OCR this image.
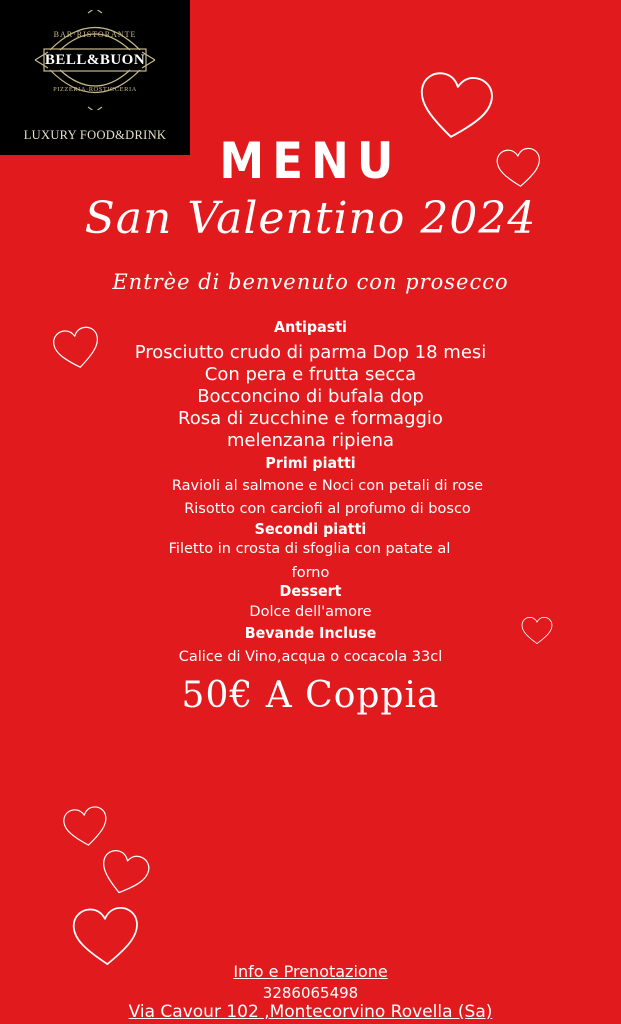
BAR·RISTORANTE
BELL&BUON
PIZZERIA·ROSTICCERIA
LUXURY FOOD&DRINK	MENU
San Valentino 2024
Entrèe di benvenuto con prosecco
Antipasti
Prosciutto crudo di parma Dop 18 mesi
Con pera e frutta secca
Bocconcino di bufala dop
Rosa di zucchine e formaggio
melenzana ripiena
Primi piatti
Ravioli al salmone e Noci con petali di rose
Risotto con carciofi al profumo di bosco
Secondi piatti
Filetto in crosta di sfoglia con patate al
forno
Dessert
Dolce dell'amore
Bevande Incluse
Calice di Vino,acqua o cocacola 33cl
50€ A Coppia
Info e Prenotazione
3286065498
Via Cavour 102 ,Montecorvino Rovella (Sa)
